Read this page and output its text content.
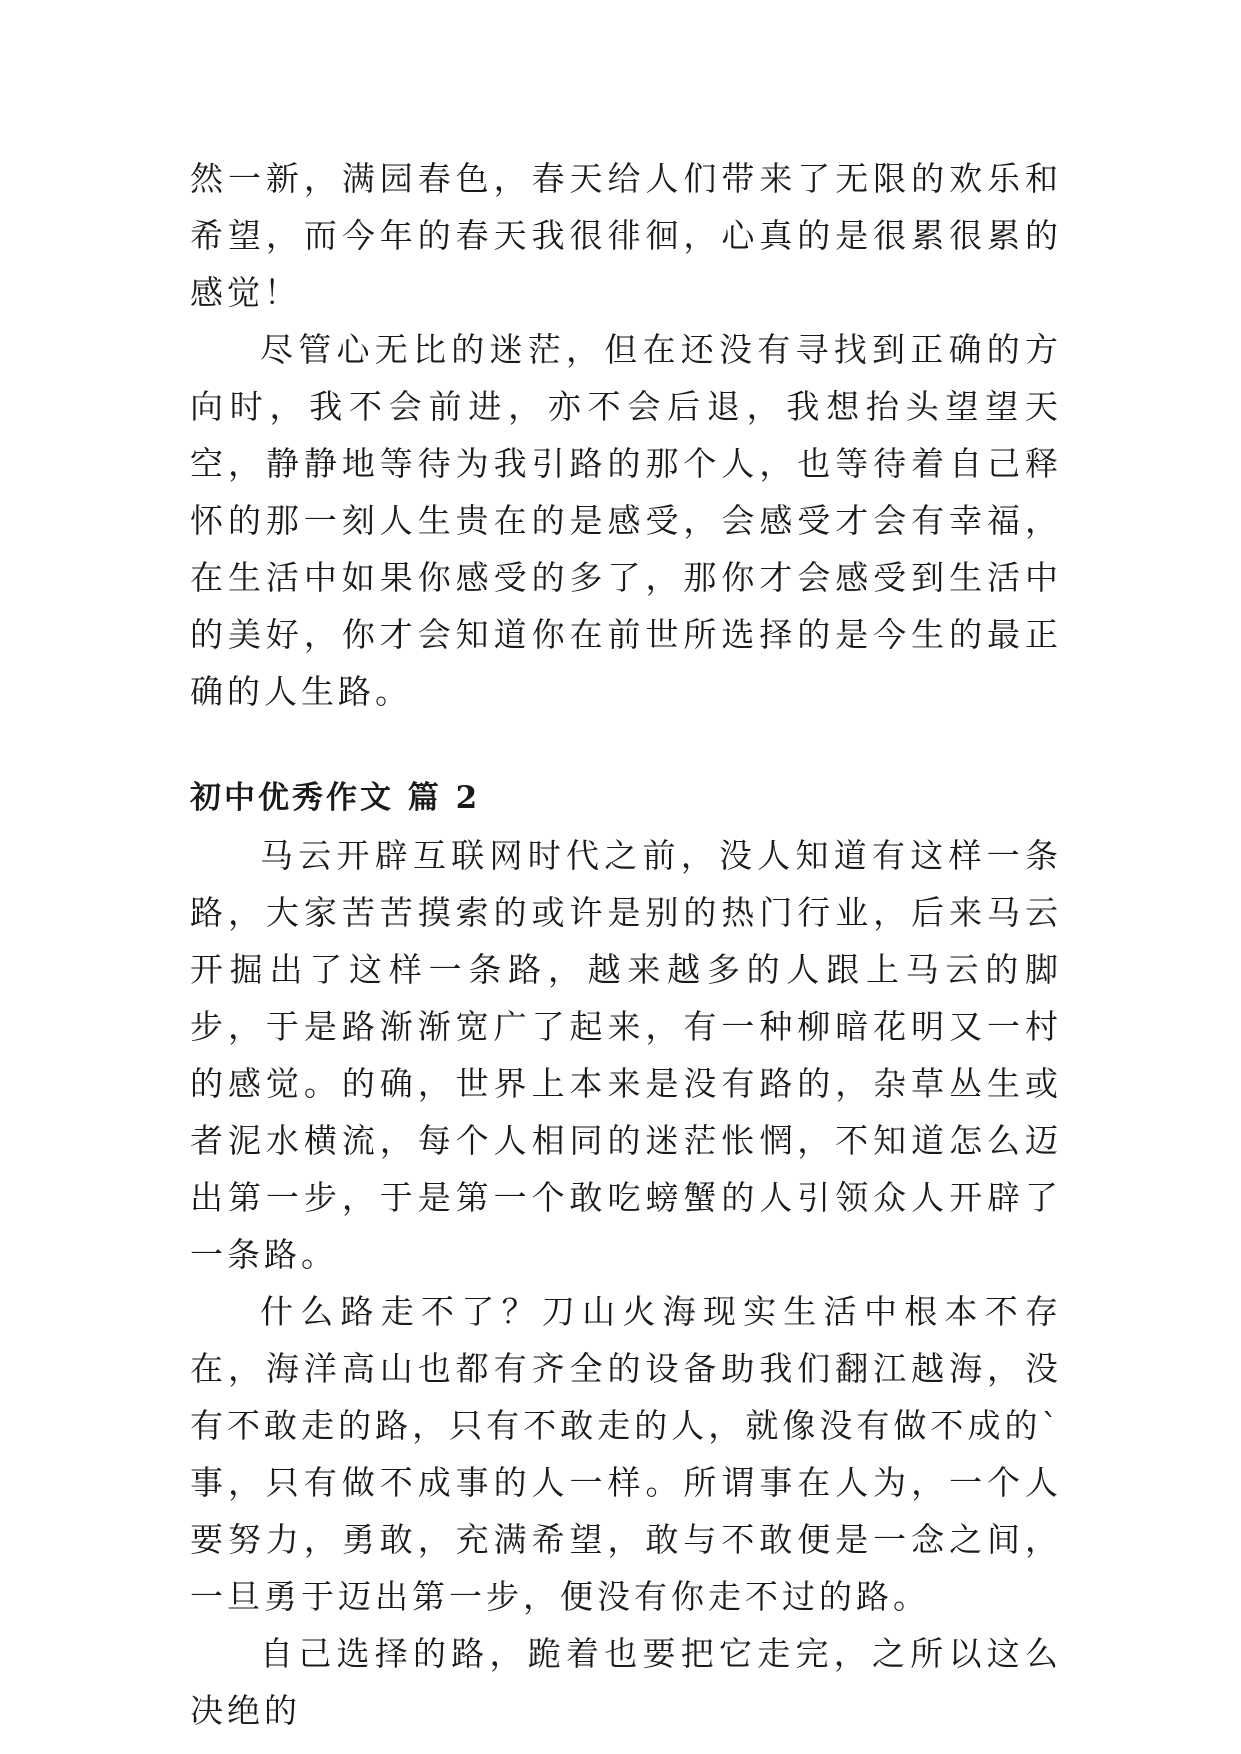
然一新，满园春色，春天给人们带来了无限的欢乐和希望，而今年的春天我很徘徊，心真的是很累很累的感觉！

尽管心无比的迷茫，但在还没有寻找到正确的方向时，我不会前进，亦不会后退，我想抬头望望天空，静静地等待为我引路的那个人，也等待着自己释怀的那一刻人生贵在的是感受，会感受才会有幸福，在生活中如果你感受的多了，那你才会感受到生活中的美好，你才会知道你在前世所选择的是今生的最正确的人生路。

初中优秀作文 篇 2

马云开辟互联网时代之前，没人知道有这样一条路，大家苦苦摸索的或许是别的热门行业，后来马云开掘出了这样一条路，越来越多的人跟上马云的脚步，于是路渐渐宽广了起来，有一种柳暗花明又一村的感觉。的确，世界上本来是没有路的，杂草丛生或者泥水横流，每个人相同的迷茫怅惘，不知道怎么迈出第一步，于是第一个敢吃螃蟹的人引领众人开辟了一条路。

什么路走不了？刀山火海现实生活中根本不存在，海洋高山也都有齐全的设备助我们翻江越海，没有不敢走的路，只有不敢走的人，就像没有做不成的`事，只有做不成事的人一样。所谓事在人为，一个人要努力，勇敢，充满希望，敢与不敢便是一念之间，一旦勇于迈出第一步，便没有你走不过的路。

自己选择的路，跪着也要把它走完，之所以这么决绝的
